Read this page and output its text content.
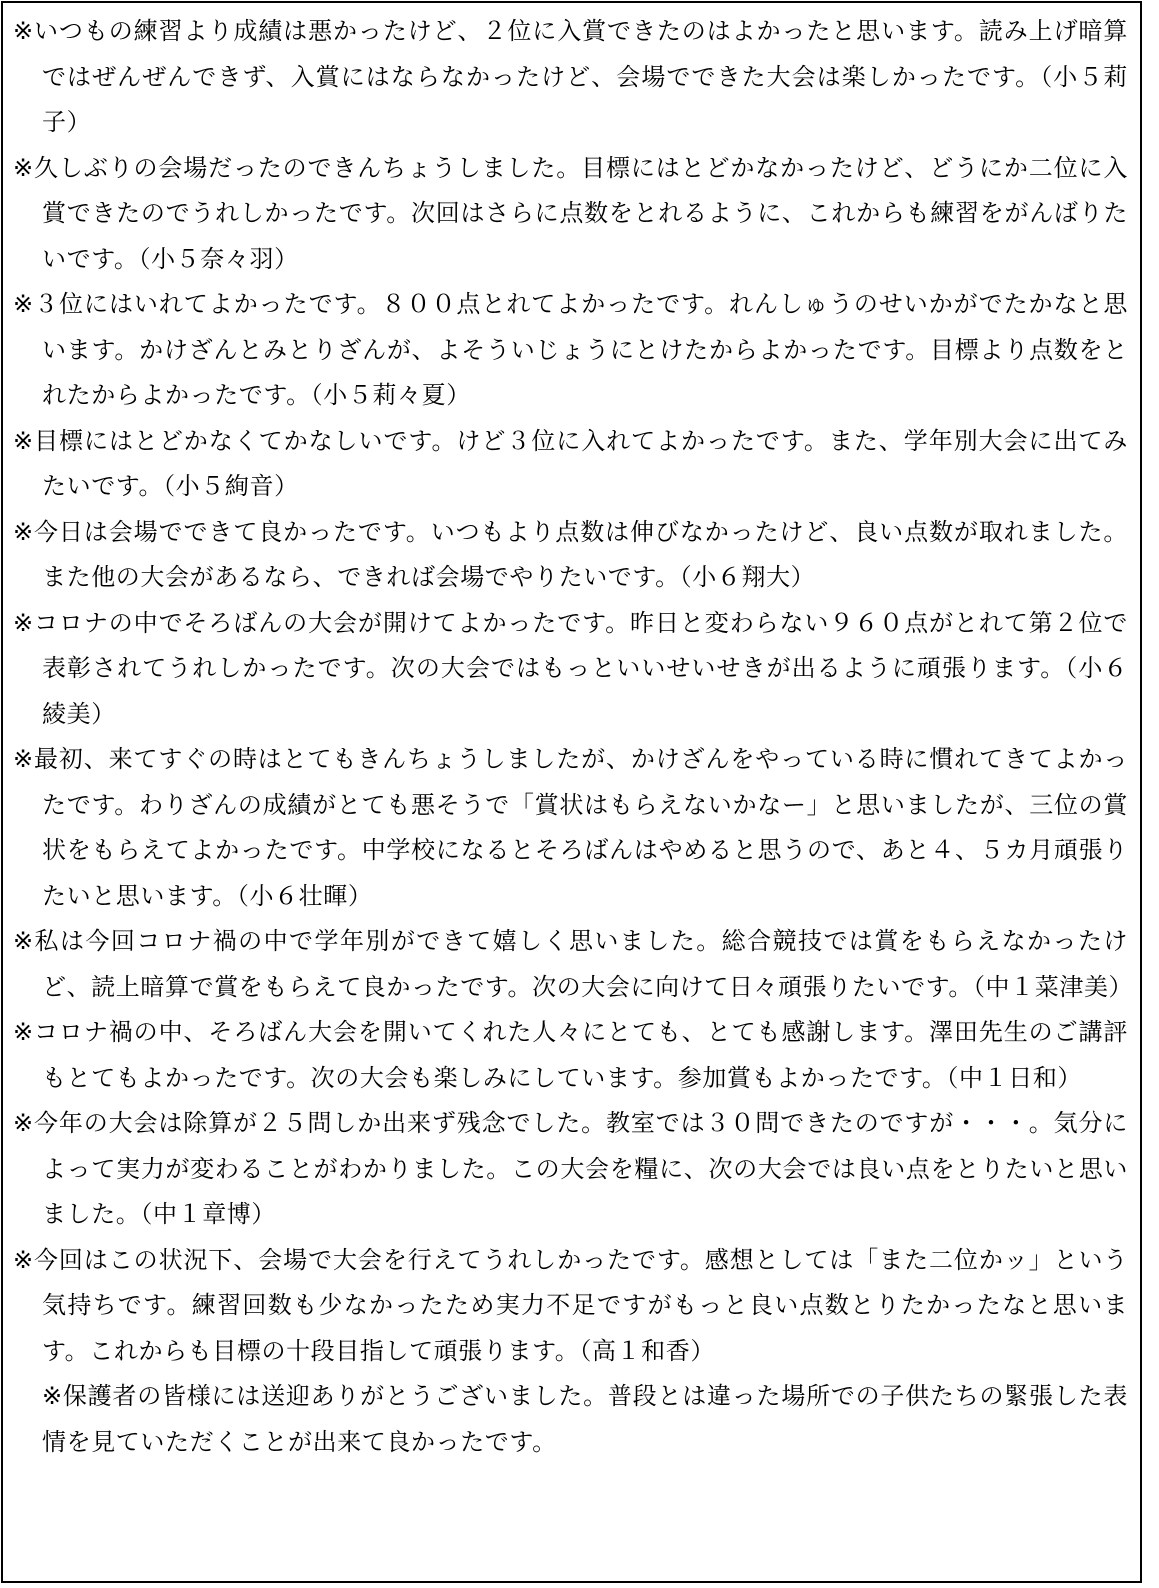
※いつもの練習より成績は悪かったけど、２位に入賞できたのはよかったと思います。読み上げ暗算ではぜんぜんできず、入賞にはならなかったけど、会場でできた大会は楽しかったです。（小５莉子）

※久しぶりの会場だったのできんちょうしました。目標にはとどかなかったけど、どうにか二位に入賞できたのでうれしかったです。次回はさらに点数をとれるように、これからも練習をがんばりたいです。（小５奈々羽）

※３位にはいれてよかったです。８００点とれてよかったです。れんしゅうのせいかがでたかなと思います。かけざんとみとりざんが、よそういじょうにとけたからよかったです。目標より点数をとれたからよかったです。（小５莉々夏）

※目標にはとどかなくてかなしいです。けど３位に入れてよかったです。また、学年別大会に出てみたいです。（小５絢音）

※今日は会場でできて良かったです。いつもより点数は伸びなかったけど、良い点数が取れました。また他の大会があるなら、できれば会場でやりたいです。（小６翔大）

※コロナの中でそろばんの大会が開けてよかったです。昨日と変わらない９６０点がとれて第２位で表彰されてうれしかったです。次の大会ではもっといいせいせきが出るように頑張ります。（小６綾美）

※最初、来てすぐの時はとてもきんちょうしましたが、かけざんをやっている時に慣れてきてよかったです。わりざんの成績がとても悪そうで「賞状はもらえないかなー」と思いましたが、三位の賞状をもらえてよかったです。中学校になるとそろばんはやめると思うので、あと４、５カ月頑張りたいと思います。（小６壮暉）

※私は今回コロナ禍の中で学年別ができて嬉しく思いました。総合競技では賞をもらえなかったけど、読上暗算で賞をもらえて良かったです。次の大会に向けて日々頑張りたいです。（中１菜津美）

※コロナ禍の中、そろばん大会を開いてくれた人々にとても、とても感謝します。澤田先生のご講評もとてもよかったです。次の大会も楽しみにしています。参加賞もよかったです。（中１日和）

※今年の大会は除算が２５問しか出来ず残念でした。教室では３０問できたのですが・・・。気分によって実力が変わることがわかりました。この大会を糧に、次の大会では良い点をとりたいと思いました。（中１章博）

※今回はこの状況下、会場で大会を行えてうれしかったです。感想としては「また二位かッ」という気持ちです。練習回数も少なかったため実力不足ですがもっと良い点数とりたかったなと思います。これからも目標の十段目指して頑張ります。（高１和香）

※保護者の皆様には送迎ありがとうございました。普段とは違った場所での子供たちの緊張した表情を見ていただくことが出来て良かったです。
